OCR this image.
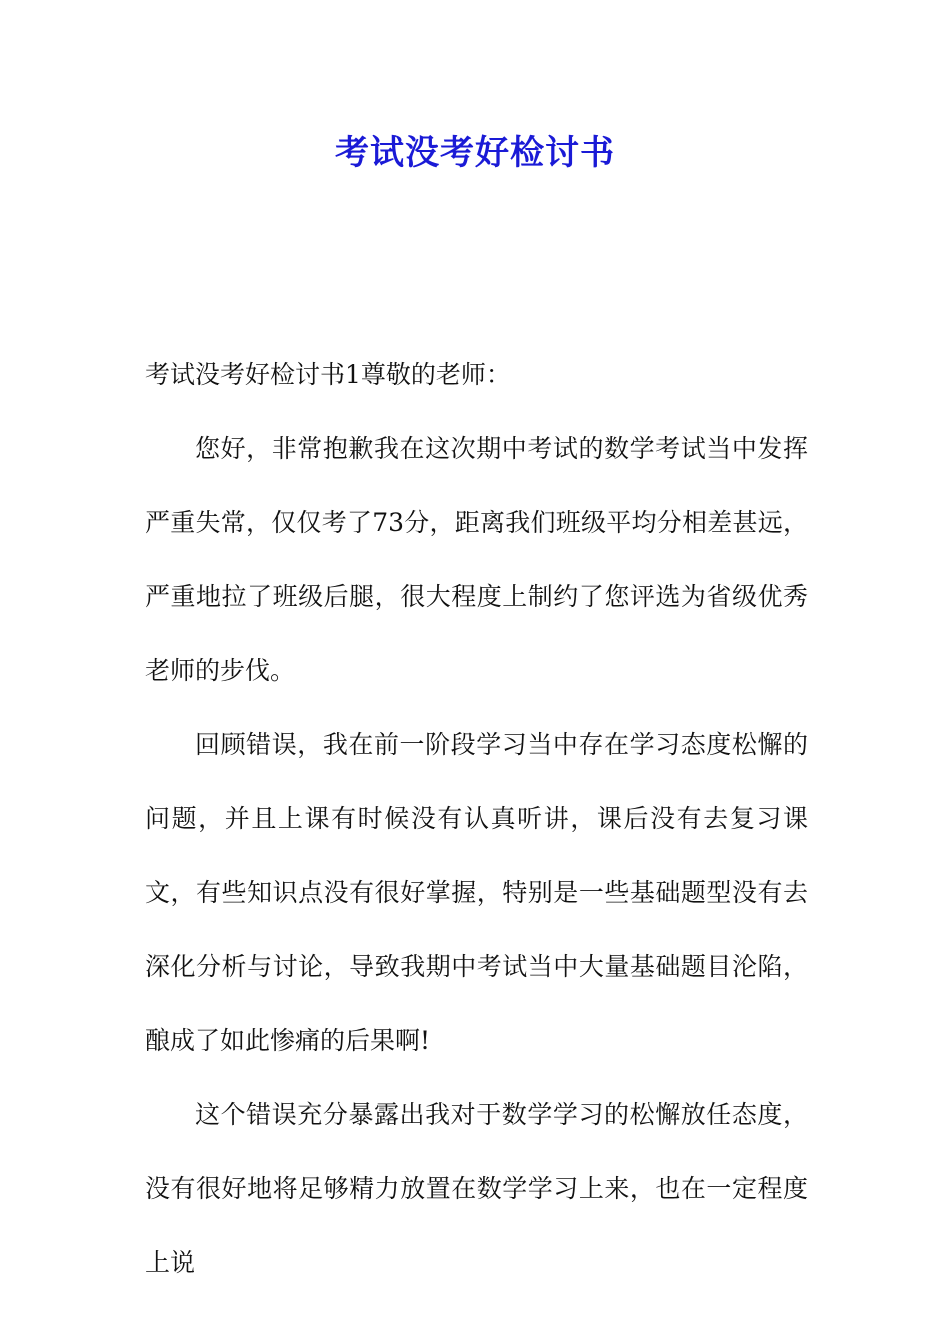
考试没考好检讨书

考试没考好检讨书1尊敬的老师：

您好，非常抱歉我在这次期中考试的数学考试当中发挥严重失常，仅仅考了73分，距离我们班级平均分相差甚远，严重地拉了班级后腿，很大程度上制约了您评选为省级优秀老师的步伐。

回顾错误，我在前一阶段学习当中存在学习态度松懈的问题，并且上课有时候没有认真听讲，课后没有去复习课文，有些知识点没有很好掌握，特别是一些基础题型没有去深化分析与讨论，导致我期中考试当中大量基础题目沦陷，酿成了如此惨痛的后果啊!

这个错误充分暴露出我对于数学学习的松懈放任态度，没有很好地将足够精力放置在数学学习上来，也在一定程度上说
